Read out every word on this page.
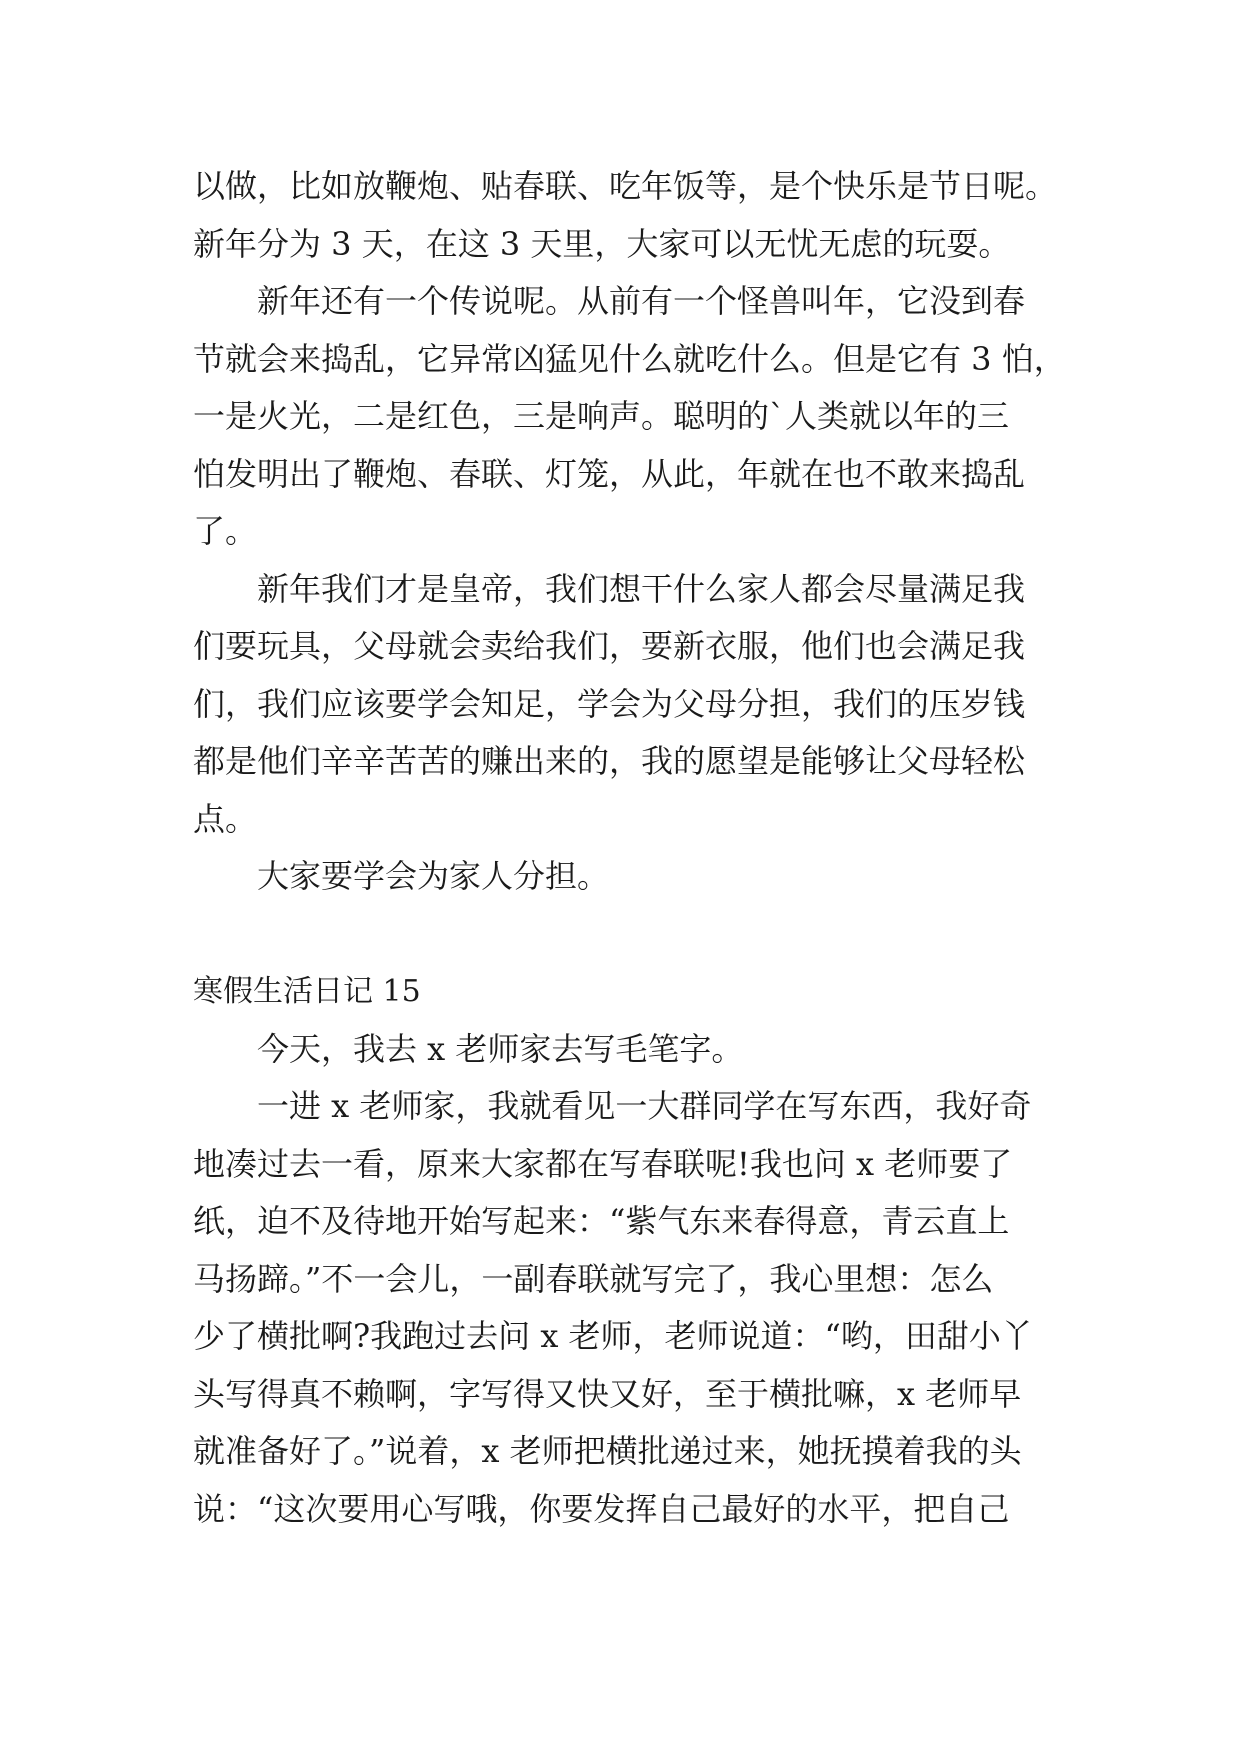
以做，比如放鞭炮、贴春联、吃年饭等，是个快乐是节日呢。
新年分为 3 天，在这 3 天里，大家可以无忧无虑的玩耍。
新年还有一个传说呢。从前有一个怪兽叫年，它没到春
节就会来捣乱，它异常凶猛见什么就吃什么。但是它有 3 怕，
一是火光，二是红色，三是响声。聪明的`人类就以年的三
怕发明出了鞭炮、春联、灯笼，从此，年就在也不敢来捣乱
了。
新年我们才是皇帝，我们想干什么家人都会尽量满足我
们要玩具，父母就会卖给我们，要新衣服，他们也会满足我
们，我们应该要学会知足，学会为父母分担，我们的压岁钱
都是他们辛辛苦苦的赚出来的，我的愿望是能够让父母轻松
点。
大家要学会为家人分担。
寒假生活日记 15
今天，我去 x 老师家去写毛笔字。
一进 x 老师家，我就看见一大群同学在写东西，我好奇
地凑过去一看，原来大家都在写春联呢!我也问 x 老师要了
纸，迫不及待地开始写起来：“紫气东来春得意，青云直上
马扬蹄。”不一会儿，一副春联就写完了，我心里想：怎么
少了横批啊?我跑过去问 x 老师，老师说道：“哟，田甜小丫
头写得真不赖啊，字写得又快又好，至于横批嘛，x 老师早
就准备好了。”说着，x 老师把横批递过来，她抚摸着我的头
说：“这次要用心写哦，你要发挥自己最好的水平，把自己
